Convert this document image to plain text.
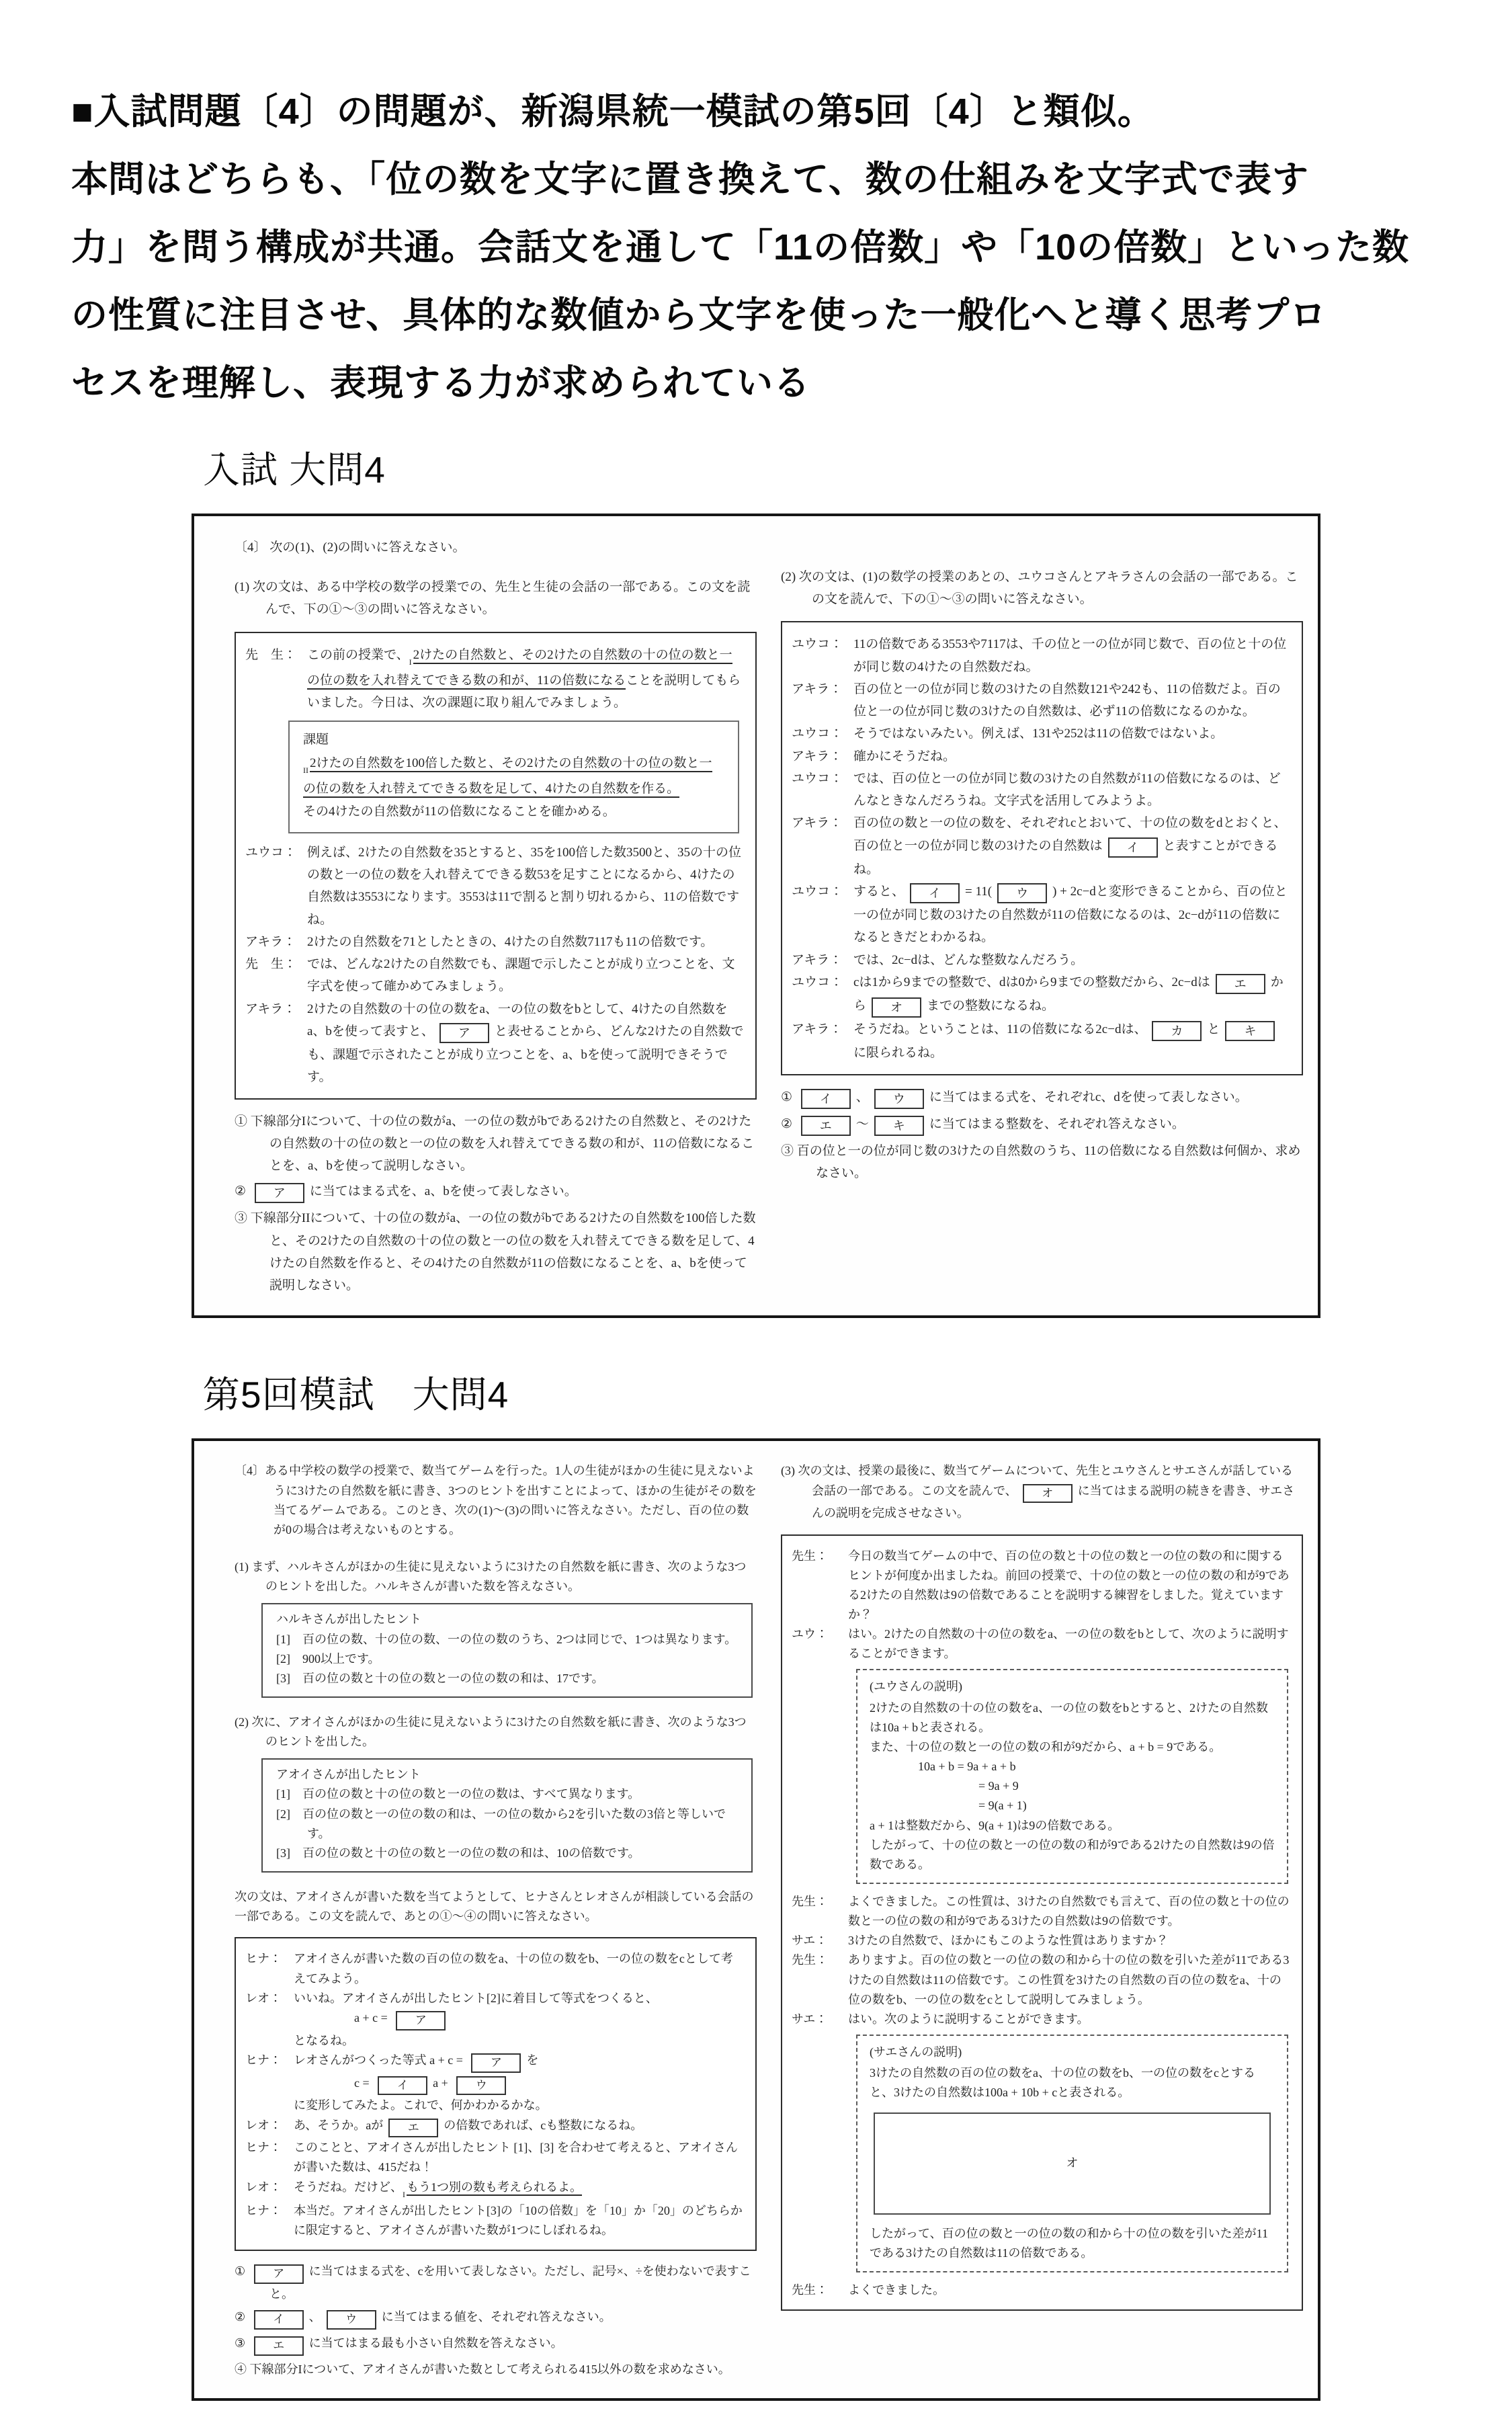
■入試問題〔4〕の問題が、新潟県統一模試の第5回〔4〕と類似。
本問はどちらも、「位の数を文字に置き換えて、数の仕組みを文字式で表す
力」を問う構成が共通。会話文を通して「11の倍数」や「10の倍数」といった数
の性質に注目させ、具体的な数値から文字を使った一般化へと導く思考プロ
セスを理解し、表現する力が求められている
入試 大問4
〔4〕 次の(1)、(2)の問いに答えなさい。
(1) 次の文は、ある中学校の数学の授業での、先生と生徒の会話の一部である。この文を読んで、下の①～③の問いに答えなさい。
先　生： この前の授業で、$_I$ 2けたの自然数と、その2けたの自然数の十の位の数と一の位の数を入れ替えてできる数の和が、11の倍数になることを説明してもらいました。今日は、次の課題に取り組んでみましょう。
課題
$_{II}$ 2けたの自然数を100倍した数と、その2けたの自然数の十の位の数と一の位の数を入れ替えてできる数を足して、4けたの自然数を作る。
その4けたの自然数が11の倍数になることを確かめる。
ユウコ： 例えば、2けたの自然数を35とすると、35を100倍した数3500と、35の十の位の数と一の位の数を入れ替えてできる数53を足すことになるから、4けたの自然数は3553になります。3553は11で割ると割り切れるから、11の倍数ですね。
アキラ： 2けたの自然数を71としたときの、4けたの自然数7117も11の倍数です。
先　生： では、どんな2けたの自然数でも、課題で示したことが成り立つことを、文字式を使って確かめてみましょう。
アキラ： 2けたの自然数の十の位の数をa、一の位の数をbとして、4けたの自然数をa、bを使って表すと、 ア と表せることから、どんな2けたの自然数でも、課題で示されたことが成り立つことを、a、bを使って説明できそうです。
① 下線部分Iについて、十の位の数がa、一の位の数がbである2けたの自然数と、その2けたの自然数の十の位の数と一の位の数を入れ替えてできる数の和が、11の倍数になることを、a、bを使って説明しなさい。
② ア に当てはまる式を、a、bを使って表しなさい。
③ 下線部分IIについて、十の位の数がa、一の位の数がbである2けたの自然数を100倍した数と、その2けたの自然数の十の位の数と一の位の数を入れ替えてできる数を足して、4けたの自然数を作ると、その4けたの自然数が11の倍数になることを、a、bを使って説明しなさい。
(2) 次の文は、(1)の数学の授業のあとの、ユウコさんとアキラさんの会話の一部である。この文を読んで、下の①～③の問いに答えなさい。
ユウコ： 11の倍数である3553や7117は、千の位と一の位が同じ数で、百の位と十の位が同じ数の4けたの自然数だね。
アキラ： 百の位と一の位が同じ数の3けたの自然数121や242も、11の倍数だよ。百の位と一の位が同じ数の3けたの自然数は、必ず11の倍数になるのかな。
ユウコ： そうではないみたい。例えば、131や252は11の倍数ではないよ。
アキラ： 確かにそうだね。
ユウコ： では、百の位と一の位が同じ数の3けたの自然数が11の倍数になるのは、どんなときなんだろうね。文字式を活用してみようよ。
アキラ： 百の位の数と一の位の数を、それぞれcとおいて、十の位の数をdとおくと、百の位と一の位が同じ数の3けたの自然数は イ と表すことができるね。
ユウコ： すると、 イ = 11( ウ ) + 2c−dと変形できることから、百の位と一の位が同じ数の3けたの自然数が11の倍数になるのは、2c−dが11の倍数になるときだとわかるね。
アキラ： では、2c−dは、どんな整数なんだろう。
ユウコ： cは1から9までの整数で、dは0から9までの整数だから、2c−dは エ から オ までの整数になるね。
アキラ： そうだね。ということは、11の倍数になる2c−dは、 カ と キに限られるね。
① イ 、 ウ に当てはまる式を、それぞれc、dを使って表しなさい。
② エ ～ キ に当てはまる整数を、それぞれ答えなさい。
③ 百の位と一の位が同じ数の3けたの自然数のうち、11の倍数になる自然数は何個か、求めなさい。
第5回模試　大問4
〔4〕ある中学校の数学の授業で、数当てゲームを行った。1人の生徒がほかの生徒に見えないように3けたの自然数を紙に書き、3つのヒントを出すことによって、ほかの生徒がその数を当てるゲームである。このとき、次の(1)～(3)の問いに答えなさい。ただし、百の位の数が0の場合は考えないものとする。
(1) まず、ハルキさんがほかの生徒に見えないように3けたの自然数を紙に書き、次のような3つのヒントを出した。ハルキさんが書いた数を答えなさい。
ハルキさんが出したヒント
[1]　百の位の数、十の位の数、一の位の数のうち、2つは同じで、1つは異なります。
[2]　900以上です。
[3]　百の位の数と十の位の数と一の位の数の和は、17です。
(2) 次に、アオイさんがほかの生徒に見えないように3けたの自然数を紙に書き、次のような3つのヒントを出した。
アオイさんが出したヒント
[1]　百の位の数と十の位の数と一の位の数は、すべて異なります。
[2]　百の位の数と一の位の数の和は、一の位の数から2を引いた数の3倍と等しいです。
[3]　百の位の数と十の位の数と一の位の数の和は、10の倍数です。
次の文は、アオイさんが書いた数を当てようとして、ヒナさんとレオさんが相談している会話の一部である。この文を読んで、あとの①～④の問いに答えなさい。
ヒナ：	アオイさんが書いた数の百の位の数をa、十の位の数をb、一の位の数をcとして考えてみよう。
レオ：	いいね。アオイさんが出したヒント[2]に着目して等式をつくると、
　　　　　a + c = ア
となるね。
ヒナ：	レオさんがつくった等式 a + c = ア を
　　　　　c = イ a + ウ
に変形してみたよ。これで、何かわかるかな。
レオ：	あ、そうか。aが エ の倍数であれば、cも整数になるね。
ヒナ：	このことと、アオイさんが出したヒント [1]、[3] を合わせて考えると、アオイさんが書いた数は、415だね！
レオ：	そうだね。だけど、$_I$もう1つ別の数も考えられるよ。
ヒナ：	本当だ。アオイさんが出したヒント[3]の「10の倍数」を「10」か「20」のどちらかに限定すると、アオイさんが書いた数が1つにしぼれるね。
① ア に当てはまる式を、cを用いて表しなさい。ただし、記号×、÷を使わないで表すこと。
② イ 、 ウ に当てはまる値を、それぞれ答えなさい。
③ エ に当てはまる最も小さい自然数を答えなさい。
④ 下線部分Iについて、アオイさんが書いた数として考えられる415以外の数を求めなさい。
(3) 次の文は、授業の最後に、数当てゲームについて、先生とユウさんとサエさんが話している会話の一部である。この文を読んで、 オ に当てはまる説明の続きを書き、サエさんの説明を完成させなさい。
先生：	今日の数当てゲームの中で、百の位の数と十の位の数と一の位の数の和に関するヒントが何度か出ましたね。前回の授業で、十の位の数と一の位の数の和が9である2けたの自然数は9の倍数であることを説明する練習をしました。覚えていますか？
ユウ：	はい。2けたの自然数の十の位の数をa、一の位の数をbとして、次のように説明することができます。
(ユウさんの説明)
2けたの自然数の十の位の数をa、一の位の数をbとすると、2けたの自然数は10a + bと表される。
また、十の位の数と一の位の数の和が9だから、a + b = 9である。
　　　　10a + b = 9a + a + b
　　　　　　　　　= 9a + 9
　　　　　　　　　= 9(a + 1)
a + 1は整数だから、9(a + 1)は9の倍数である。
したがって、十の位の数と一の位の数の和が9である2けたの自然数は9の倍数である。
先生：	よくできました。この性質は、3けたの自然数でも言えて、百の位の数と十の位の数と一の位の数の和が9である3けたの自然数は9の倍数です。
サエ：	3けたの自然数で、ほかにもこのような性質はありますか？
先生：	ありますよ。百の位の数と一の位の数の和から十の位の数を引いた差が11である3けたの自然数は11の倍数です。この性質を3けたの自然数の百の位の数をa、十の位の数をb、一の位の数をcとして説明してみましょう。
サエ：	はい。次のように説明することができます。
(サエさんの説明)
3けたの自然数の百の位の数をa、十の位の数をb、一の位の数をcとすると、3けたの自然数は100a + 10b + cと表される。
オ
したがって、百の位の数と一の位の数の和から十の位の数を引いた差が11である3けたの自然数は11の倍数である。
先生：	よくできました。
